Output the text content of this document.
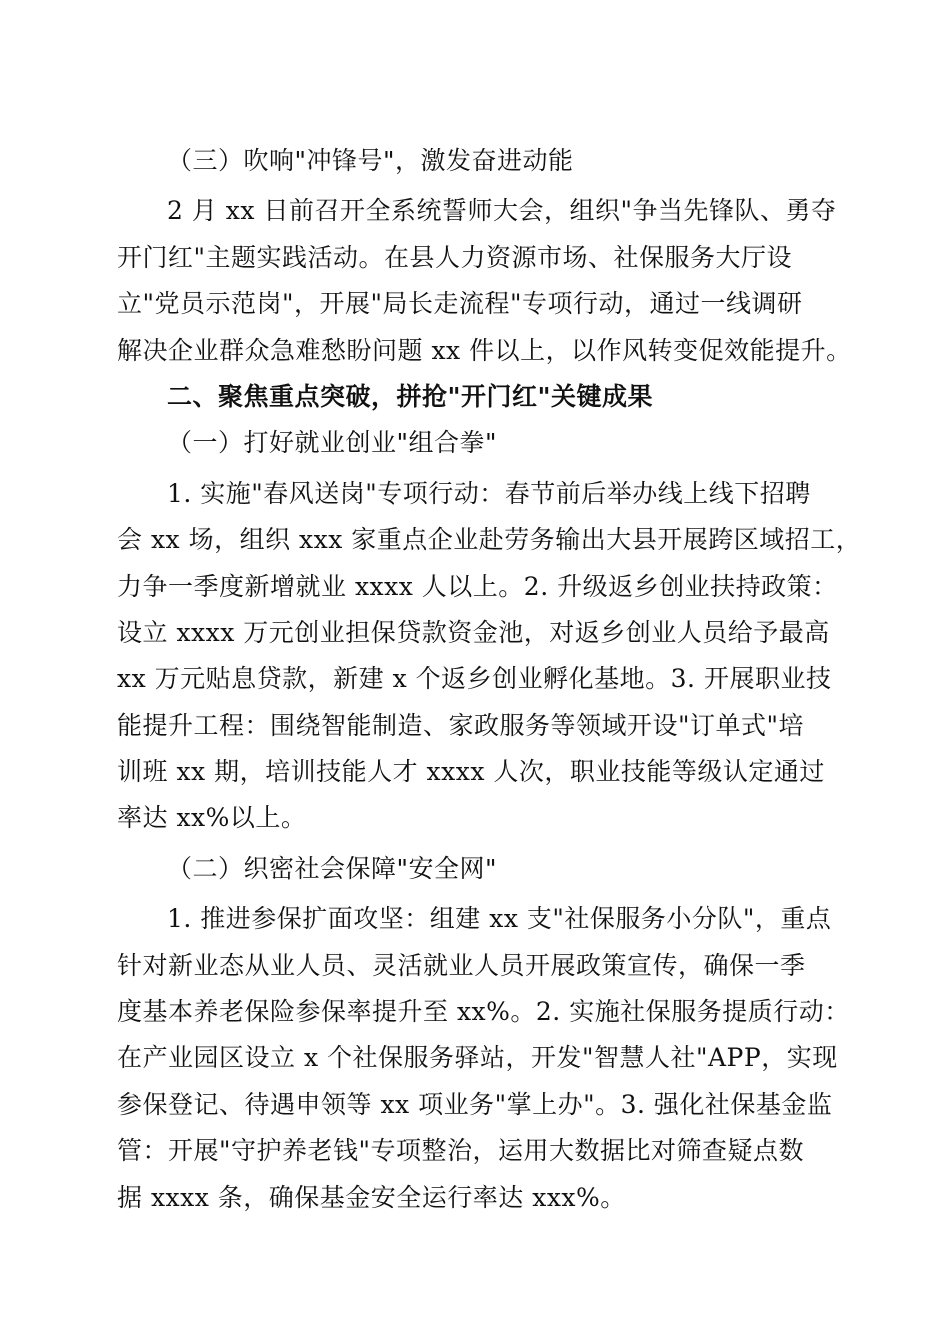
（三）吹响"冲锋号"，激发奋进动能
2 月 xx 日前召开全系统誓师大会，组织"争当先锋队、勇夺
开门红"主题实践活动。在县人力资源市场、社保服务大厅设
立"党员示范岗"，开展"局长走流程"专项行动，通过一线调研
解决企业群众急难愁盼问题 xx 件以上，以作风转变促效能提升。
二、聚焦重点突破，拼抢"开门红"关键成果
（一）打好就业创业"组合拳"
1. 实施"春风送岗"专项行动：春节前后举办线上线下招聘
会 xx 场，组织 xxx 家重点企业赴劳务输出大县开展跨区域招工，
力争一季度新增就业 xxxx 人以上。2. 升级返乡创业扶持政策：
设立 xxxx 万元创业担保贷款资金池，对返乡创业人员给予最高
xx 万元贴息贷款，新建 x 个返乡创业孵化基地。3. 开展职业技
能提升工程：围绕智能制造、家政服务等领域开设"订单式"培
训班 xx 期，培训技能人才 xxxx 人次，职业技能等级认定通过
率达 xx%以上。
（二）织密社会保障"安全网"
1. 推进参保扩面攻坚：组建 xx 支"社保服务小分队"，重点
针对新业态从业人员、灵活就业人员开展政策宣传，确保一季
度基本养老保险参保率提升至 xx%。2. 实施社保服务提质行动：
在产业园区设立 x 个社保服务驿站，开发"智慧人社"APP，实现
参保登记、待遇申领等 xx 项业务"掌上办"。3. 强化社保基金监
管：开展"守护养老钱"专项整治，运用大数据比对筛查疑点数
据 xxxx 条，确保基金安全运行率达 xxx%。
